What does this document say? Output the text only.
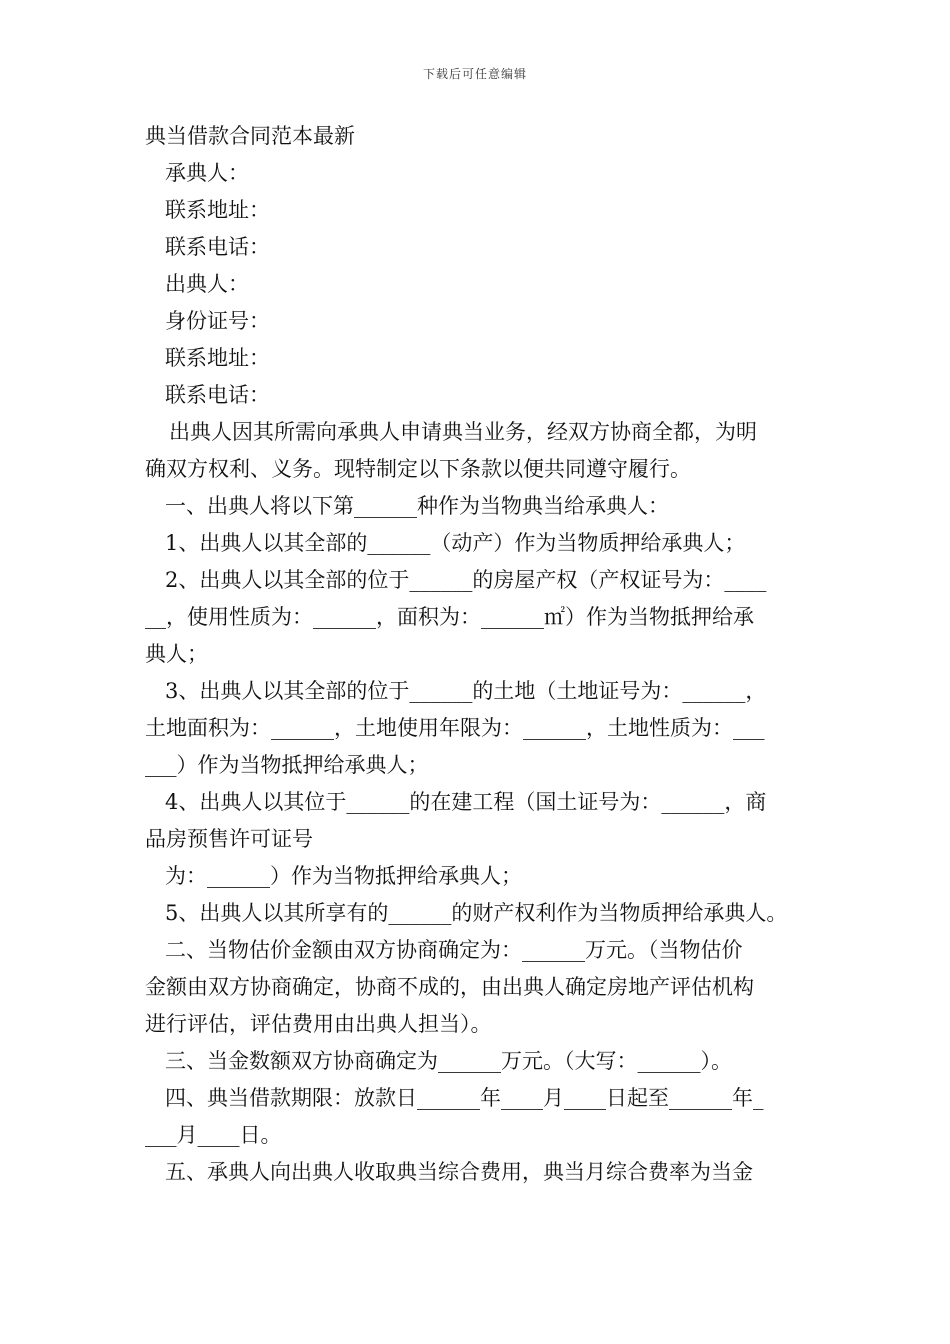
下载后可任意编辑

典当借款合同范本最新

承典人：

联系地址：

联系电话：

出典人：

身份证号：

联系地址：

联系电话：

出典人因其所需向承典人申请典当业务，经双方协商全都，为明

确双方权利、义务。现特制定以下条款以便共同遵守履行。

一、出典人将以下第______种作为当物典当给承典人：

1、出典人以其全部的______（动产）作为当物质押给承典人；

2、出典人以其全部的位于______的房屋产权（产权证号为：____

__，使用性质为：______，面积为：______㎡）作为当物抵押给承

典人；

3、出典人以其全部的位于______的土地（土地证号为：______，

土地面积为：______，土地使用年限为：______，土地性质为：___

___）作为当物抵押给承典人；

4、出典人以其位于______的在建工程（国土证号为：______，商

品房预售许可证号

为：______）作为当物抵押给承典人；

5、出典人以其所享有的______的财产权利作为当物质押给承典人。

二、当物估价金额由双方协商确定为：______万元。（当物估价

金额由双方协商确定，协商不成的，由出典人确定房地产评估机构

进行评估，评估费用由出典人担当）。

三、当金数额双方协商确定为______万元。（大写：______）。

四、典当借款期限：放款日______年____月____日起至______年_

___月____日。

五、承典人向出典人收取典当综合费用，典当月综合费率为当金
